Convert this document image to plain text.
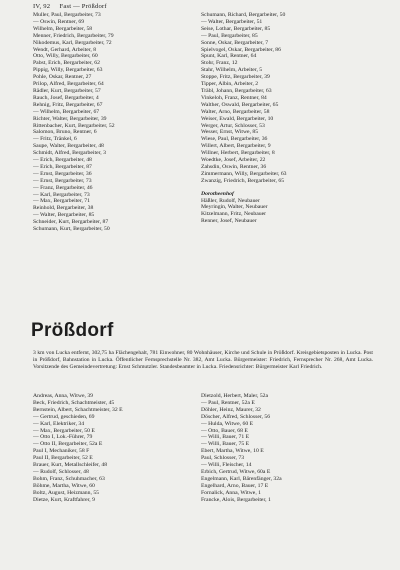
IV, 92 Fast — Prößdorf
Muller, Paul, Bergarbeiter, 73
— Oswin, Rentner, 69
Wilhelm, Bergarbeiter, 58
Menner, Friedrich, Bergarbeiter, 79
Nikodemus, Karl, Bergarbeiter, 72
Wendt, Gerhard, Arbeiter, 8
Otto, Willy, Bergarbeiter, 60
Pabst, Erich, Bergarbeiter, 62
Pippig, Willy, Bergarbeiter, 63
Pohle, Oskar, Rentner, 27
Prilop, Alfred, Bergarbeiter, 64
Rädler, Kurt, Bergarbeiter, 57
Rauch, Josef, Bergarbeiter, 4
Rehnig, Fritz, Bergarbeiter, 67
— Wilhelm, Bergarbeiter, 67
Richter, Walter, Bergarbeiter, 39
Rittenbacher, Kurt, Bergarbeiter, 52
Salomon, Bruno, Rentner, 6
— Fritz, Tränkel, 6
Saupe, Walter, Bergarbeiter, 48
Schmidt, Alfred, Bergarbeiter, 3
— Erich, Bergarbeiter, 48
— Erich, Bergarbeiter, 87
— Ernst, Bergarbeiter, 36
— Ernst, Bergarbeiter, 73
— Franz, Bergarbeiter, 46
— Karl, Bergarbeiter, 73
— Max, Bergarbeiter, 71
Reinhold, Bergarbeiter, 38
— Walter, Bergarbeiter, 85
Schneider, Kurt, Bergarbeiter, 87
Schumann, Kurt, Bergarbeiter, 50
Schumann, Richard, Bergarbeiter, 50
— Walter, Bergarbeiter, 51
Seise, Lothar, Bergarbeiter, 85
— Paul, Bergarbeiter, 85
Sonne, Oskar, Bergarbeiter, 7
Spielvogel, Oskar, Bergarbeiter, 86
Spunt, Karl, Rentner, 64
Stohr, Franz, 12
Stahr, Wilhelm, Arbeiter, 5
Stoppe, Fritz, Bergarbeiter, 39
Tipper, Albin, Arbeiter, 2
Träbl, Johann, Bergarbeiter, 63
Vinkeloh, Franz, Rentner, 84
Walther, Oswald, Bergarbeiter, 65
Walter, Arno, Bergarbeiter, 58
Weiser, Ewald, Bergarbeiter, 10
Werger, Artur, Schlosser, 53
Wesser, Ernst, Witwe, 85
Wiese, Paul, Bergarbeiter, 36
Willert, Albert, Bergarbeiter, 9
Willner, Herbert, Bergarbeiter, 8
Woedtke, Josef, Arbeiter, 22
Zahsdin, Oswin, Rentner, 36
Zimmermann, Willy, Bergarbeiter, 63
Zwanzig, Friedrich, Bergarbeiter, 65
Dorotheenhof
Häßler, Rudolf, Neubauer
Meyringin, Walter, Neubauer
Kitzelmann, Fritz, Neubauer
Renner, Josef, Neubauer
Prößdorf
3 km von Lucka entfernt, 302,75 ha Flächengehalt, 781 Einwohner, 80 Wohnhäuser, Kirche und Schule in Prößdorf. Kreisgebietsposten in Lucka. Post in Prößdorf, Bahnstation in Lucka. Öffentlicher Fernsprechstelle Nr. 382, Amt Lucka. Bürgermeister: Friedrich, Fernsprecher Nr. 268, Amt Lucka. Vorsitzende des Gemeindevertretung: Ernst Schmutzler. Standesbeamter in Lucka. Friedensrichter: Bürgermeister Karl Friedrich.
Andreas, Anna, Witwe, 39
Beck, Friedrich, Schachtmeister, 45
Bernstein, Albert, Schachtmeister, 32 E
— Gertrud, geschieden, 69
— Karl, Elektriker, 34
— Max, Bergarbeiter, 50 E
— Otto I, Lok.-Führer, 79
— Otto II, Bergarbeiter, 52a E
Paul I, Mechaniker, 58 F
Paul II, Bergarbeiter, 52 E
Brauer, Kurt, Metallschleifer, 48
— Rudolf, Schlosser, 48
Bohm, Franz, Schuhmacher, 63
Böhme, Martha, Witwe, 60
Boltz, August, Heizmann, 55
Dietze, Kurt, Kraftfahrer, 9
Dietzold, Herbert, Maler, 52a
— Paul, Rentner, 52a E
Döhler, Heinz, Maurer, 32
Döscher, Alfred, Schlosser, 56
— Hulda, Witwe, 60 E
— Otto, Bauer, 68 E
— Willi, Bauer, 71 E
— Willi, Bauer, 75 E
Ebert, Martha, Witwe, 10 E
Paul, Schlosser, 73
— Willi, Fleischer, 14
Erbich, Gertrud, Witwe, 60a E
Engelmann, Karl, Bärenfänger, 32a
Engelhard, Arno, Bauer, 17 E
Fornalick, Anna, Witwe, 1
Francke, Alois, Bergarbeiter, 1
